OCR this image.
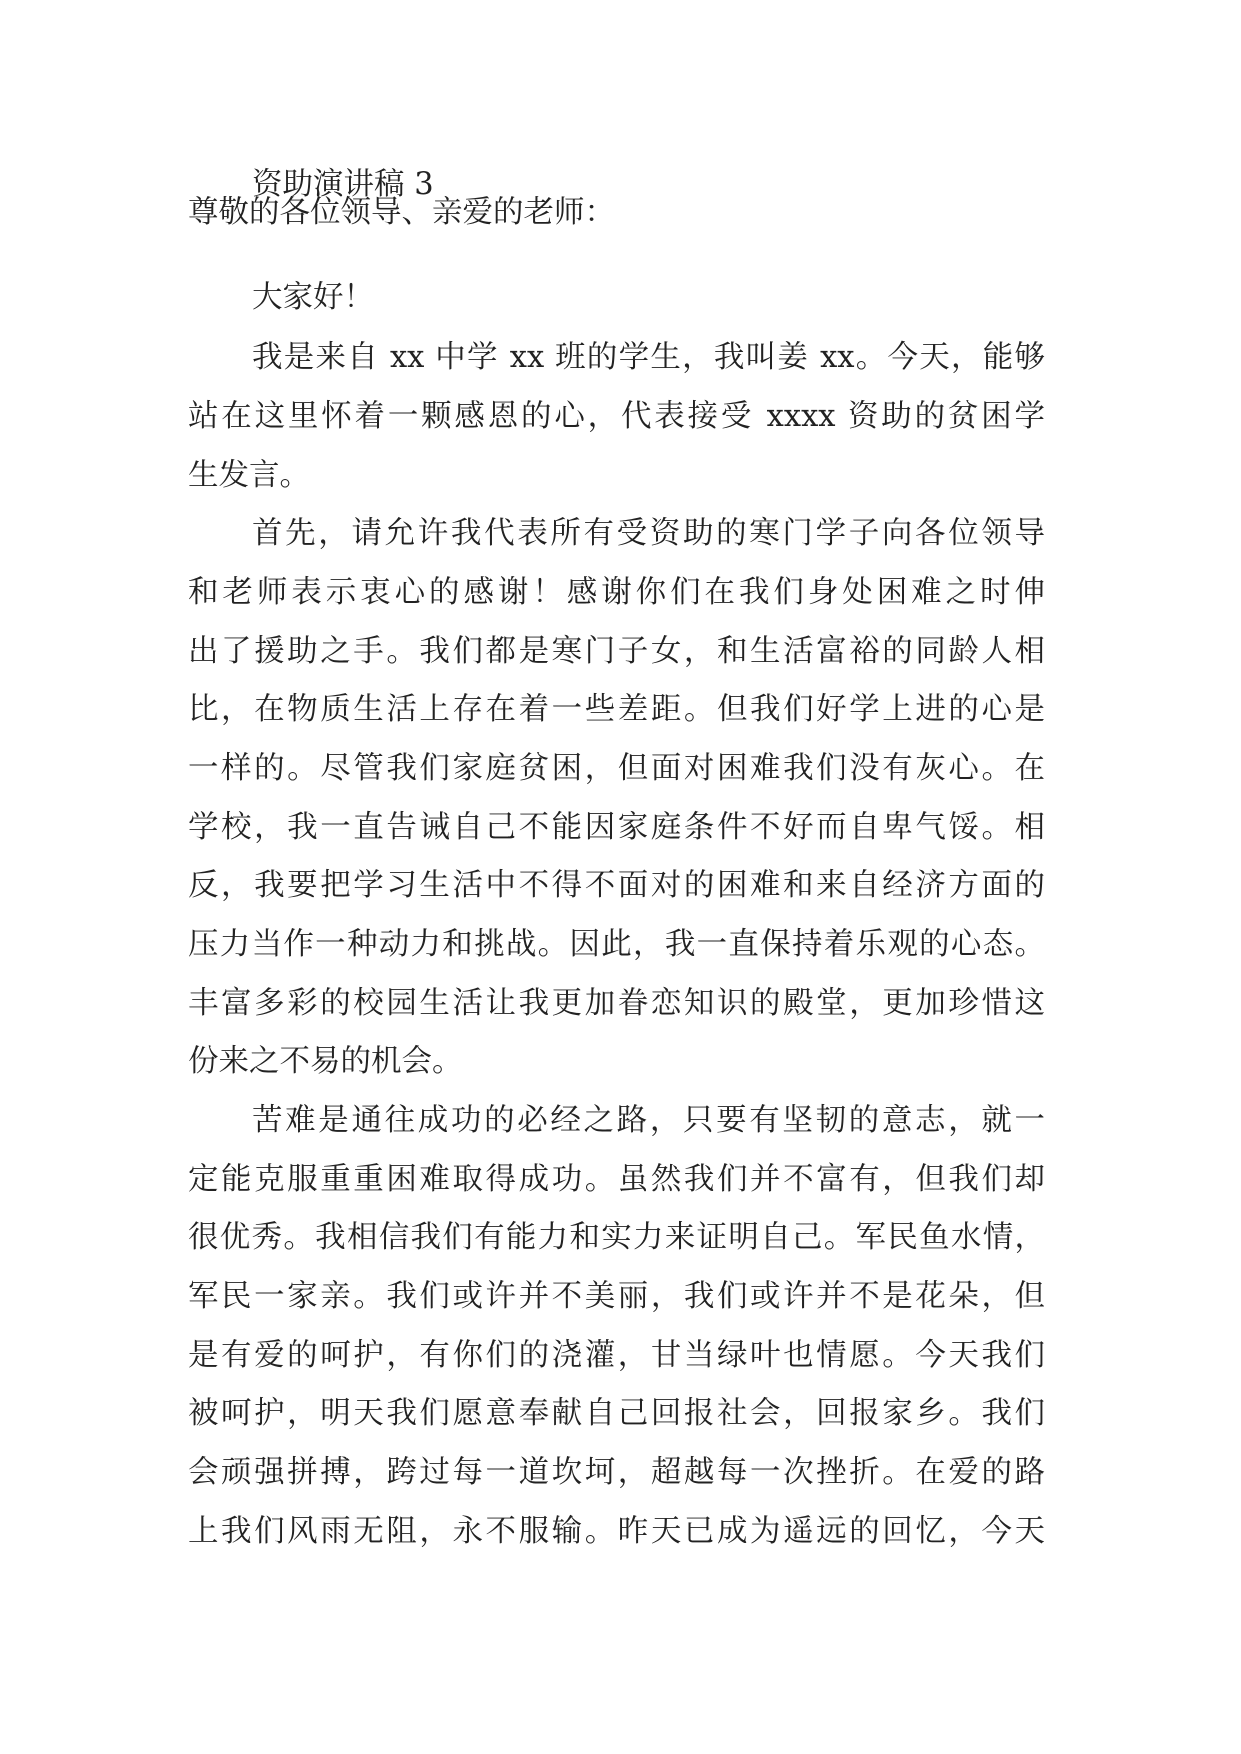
资助演讲稿 3
尊敬的各位领导、亲爱的老师：
大家好！
我是来自 xx 中学 xx 班的学生，我叫姜 xx。今天，能够
站在这里怀着一颗感恩的心，代表接受 xxxx 资助的贫困学
生发言。
首先，请允许我代表所有受资助的寒门学子向各位领导
和老师表示衷心的感谢！感谢你们在我们身处困难之时伸
出了援助之手。我们都是寒门子女，和生活富裕的同龄人相
比，在物质生活上存在着一些差距。但我们好学上进的心是
一样的。尽管我们家庭贫困，但面对困难我们没有灰心。在
学校，我一直告诫自己不能因家庭条件不好而自卑气馁。相
反，我要把学习生活中不得不面对的困难和来自经济方面的
压力当作一种动力和挑战。因此，我一直保持着乐观的心态。
丰富多彩的校园生活让我更加眷恋知识的殿堂，更加珍惜这
份来之不易的机会。
苦难是通往成功的必经之路，只要有坚韧的意志，就一
定能克服重重困难取得成功。虽然我们并不富有，但我们却
很优秀。我相信我们有能力和实力来证明自己。军民鱼水情，
军民一家亲。我们或许并不美丽，我们或许并不是花朵，但
是有爱的呵护，有你们的浇灌，甘当绿叶也情愿。今天我们
被呵护，明天我们愿意奉献自己回报社会，回报家乡。我们
会顽强拼搏，跨过每一道坎坷，超越每一次挫折。在爱的路
上我们风雨无阻，永不服输。昨天已成为遥远的回忆，今天
